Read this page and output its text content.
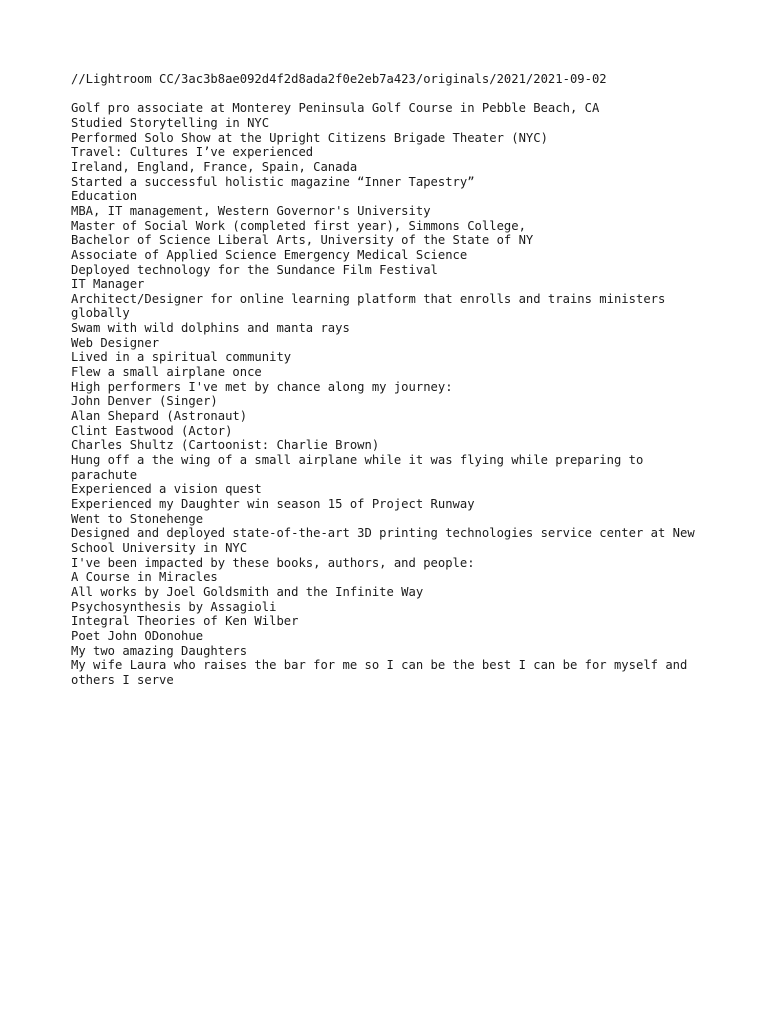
//Lightroom CC/3ac3b8ae092d4f2d8ada2f0e2eb7a423/originals/2021/2021-09-02
Golf pro associate at Monterey Peninsula Golf Course in Pebble Beach, CA
Studied Storytelling in NYC
Performed Solo Show at the Upright Citizens Brigade Theater (NYC)
Travel: Cultures I’ve experienced
Ireland, England, France, Spain, Canada
Started a successful holistic magazine “Inner Tapestry”
Education
MBA, IT management, Western Governor's University
Master of Social Work (completed first year), Simmons College,
Bachelor of Science Liberal Arts, University of the State of NY
Associate of Applied Science Emergency Medical Science
Deployed technology for the Sundance Film Festival
IT Manager
Architect/Designer for online learning platform that enrolls and trains ministers globally
Swam with wild dolphins and manta rays
Web Designer
Lived in a spiritual community
Flew a small airplane once
High performers I've met by chance along my journey:
John Denver (Singer)
Alan Shepard (Astronaut)
Clint Eastwood (Actor)
Charles Shultz (Cartoonist: Charlie Brown)
Hung off a the wing of a small airplane while it was flying while preparing to parachute
Experienced a vision quest
Experienced my Daughter win season 15 of Project Runway
Went to Stonehenge
Designed and deployed state-of-the-art 3D printing technologies service center at New School University in NYC
I've been impacted by these books, authors, and people:
A Course in Miracles
All works by Joel Goldsmith and the Infinite Way
Psychosynthesis by Assagioli
Integral Theories of Ken Wilber
Poet John ODonohue
My two amazing Daughters
My wife Laura who raises the bar for me so I can be the best I can be for myself and others I serve
